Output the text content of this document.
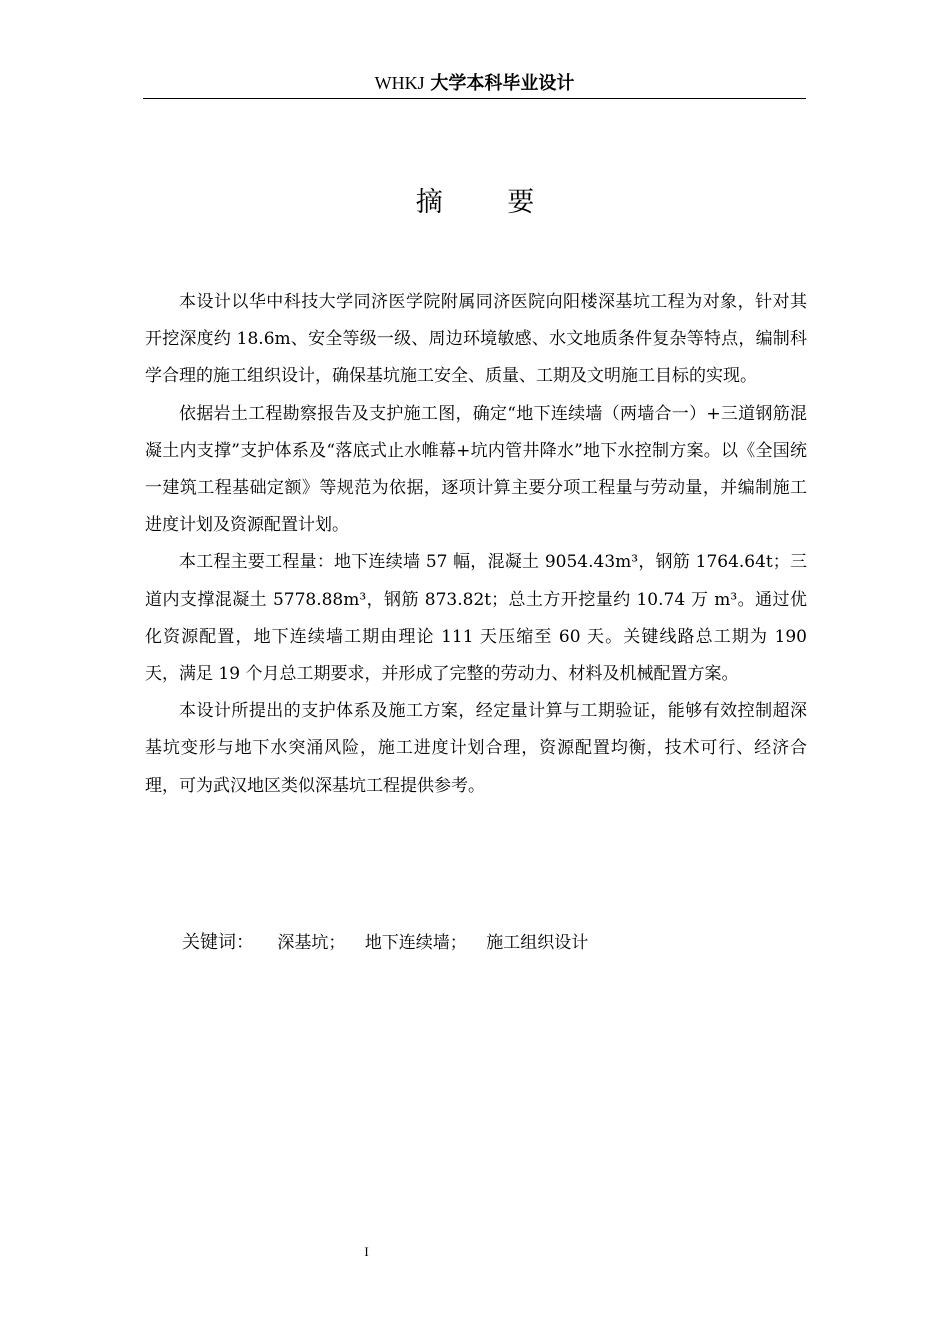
WHKJ 大学本科毕业设计
摘 要

本设计以华中科技大学同济医学院附属同济医院向阳楼深基坑工程为对象，针对其开挖深度约 18.6m、安全等级一级、周边环境敏感、水文地质条件复杂等特点，编制科学合理的施工组织设计，确保基坑施工安全、质量、工期及文明施工目标的实现。

依据岩土工程勘察报告及支护施工图，确定“地下连续墙（两墙合一）+三道钢筋混凝土内支撑”支护体系及“落底式止水帷幕+坑内管井降水”地下水控制方案。以《全国统一建筑工程基础定额》等规范为依据，逐项计算主要分项工程量与劳动量，并编制施工进度计划及资源配置计划。

本工程主要工程量：地下连续墙 57 幅，混凝土 9054.43m³，钢筋 1764.64t；三道内支撑混凝土 5778.88m³，钢筋 873.82t；总土方开挖量约 10.74 万 m³。通过优化资源配置，地下连续墙工期由理论 111 天压缩至 60 天。关键线路总工期为 190 天，满足 19 个月总工期要求，并形成了完整的劳动力、材料及机械配置方案。

本设计所提出的支护体系及施工方案，经定量计算与工期验证，能够有效控制超深基坑变形与地下水突涌风险，施工进度计划合理，资源配置均衡，技术可行、经济合理，可为武汉地区类似深基坑工程提供参考。

关键词： 深基坑； 地下连续墙； 施工组织设计
I
